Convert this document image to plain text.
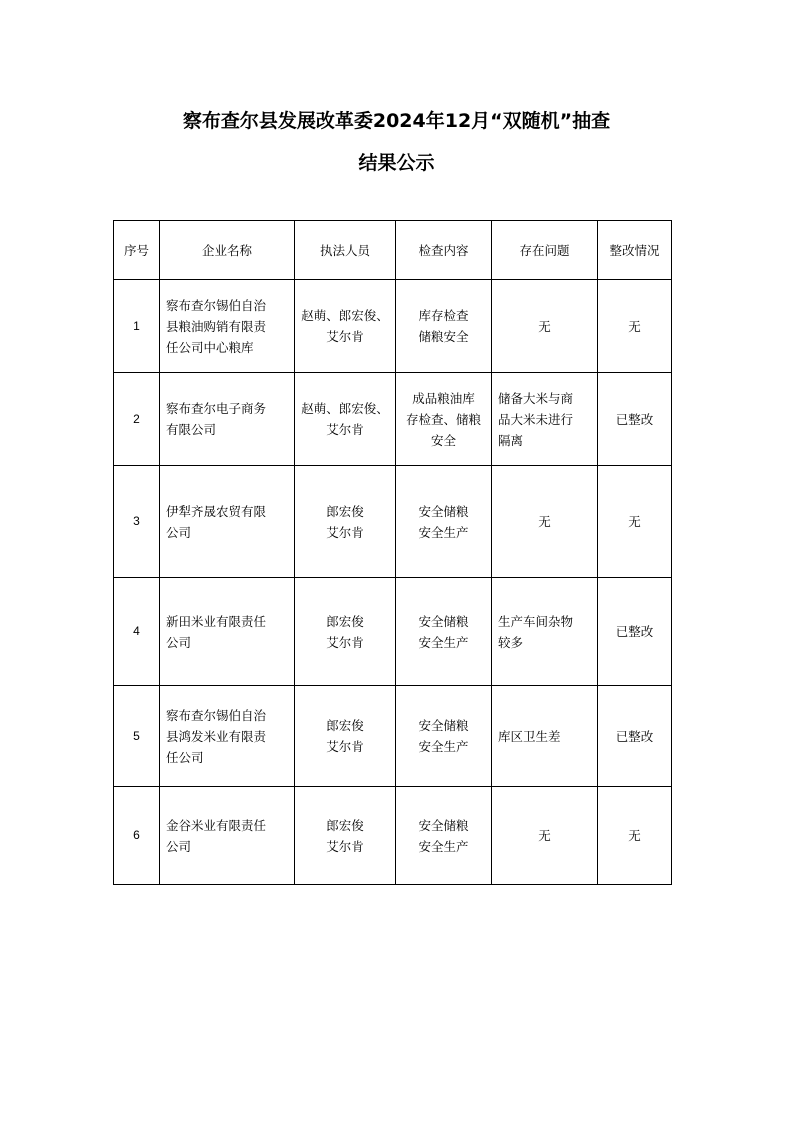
察布查尔县发展改革委2024年12月“双随机”抽查
结果公示
序号	企业名称	执法人员	检查内容	存在问题	整改情况
1	察布查尔锡伯自治
县粮油购销有限责
任公司中心粮库	赵萌、郎宏俊、
艾尔肯	库存检查
储粮安全	无	无
2	察布查尔电子商务
有限公司	赵萌、郎宏俊、
艾尔肯	成品粮油库
存检查、储粮
安全	储备大米与商
品大米未进行
隔离	已整改
3	伊犁齐晟农贸有限
公司	郎宏俊
艾尔肯	安全储粮
安全生产	无	无
4	新田米业有限责任
公司	郎宏俊
艾尔肯	安全储粮
安全生产	生产车间杂物
较多	已整改
5	察布查尔锡伯自治
县鸿发米业有限责
任公司	郎宏俊
艾尔肯	安全储粮
安全生产	库区卫生差	已整改
6	金谷米业有限责任
公司	郎宏俊
艾尔肯	安全储粮
安全生产	无	无
